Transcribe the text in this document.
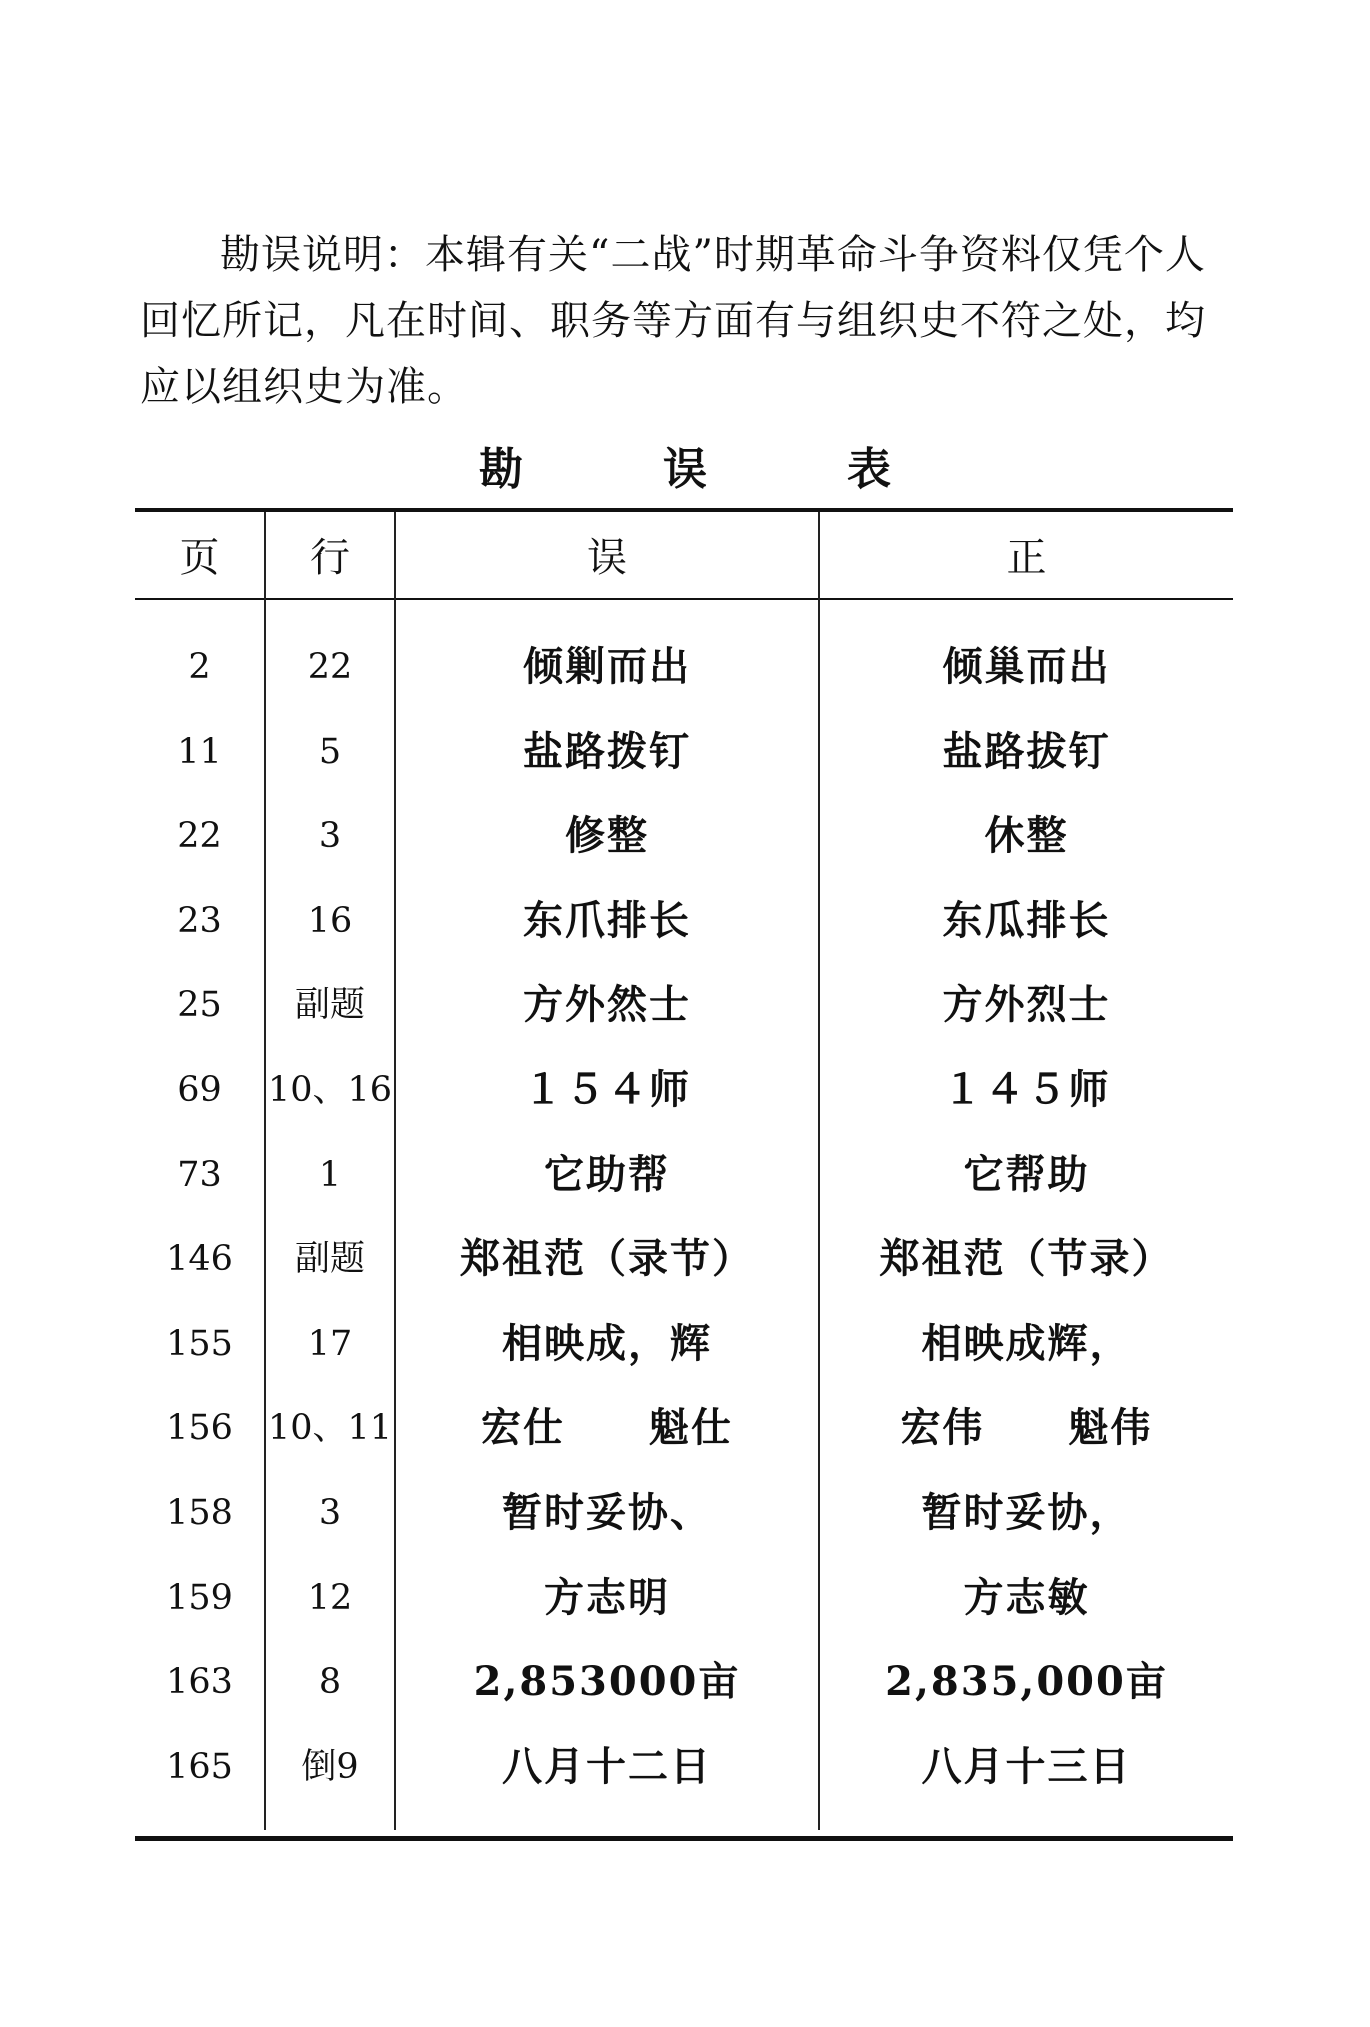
勘误说明：本辑有关“二战”时期革命斗争资料仅凭个人回忆所记，凡在时间、职务等方面有与组织史不符之处，均应以组织史为准。

勘	误	表
页	行	误	正
2	22	倾剿而出	倾巢而出
11	5	盐路拨钉	盐路拔钉
22	3	修整	休整
23	16	东爪排长	东瓜排长
25	副题	方外然士	方外烈士
69	10、16	１５４师	１４５师
73	1	它助帮	它帮助
146	副题	郑祖范（录节）	郑祖范（节录）
155	17	相映成，辉	相映成辉，
156	10、11	宏仕　　魁仕	宏伟　　魁伟
158	3	暂时妥协、	暂时妥协，
159	12	方志明	方志敏
163	8	2,853000亩	2,835,000亩
165	倒9	八月十二日	八月十三日
